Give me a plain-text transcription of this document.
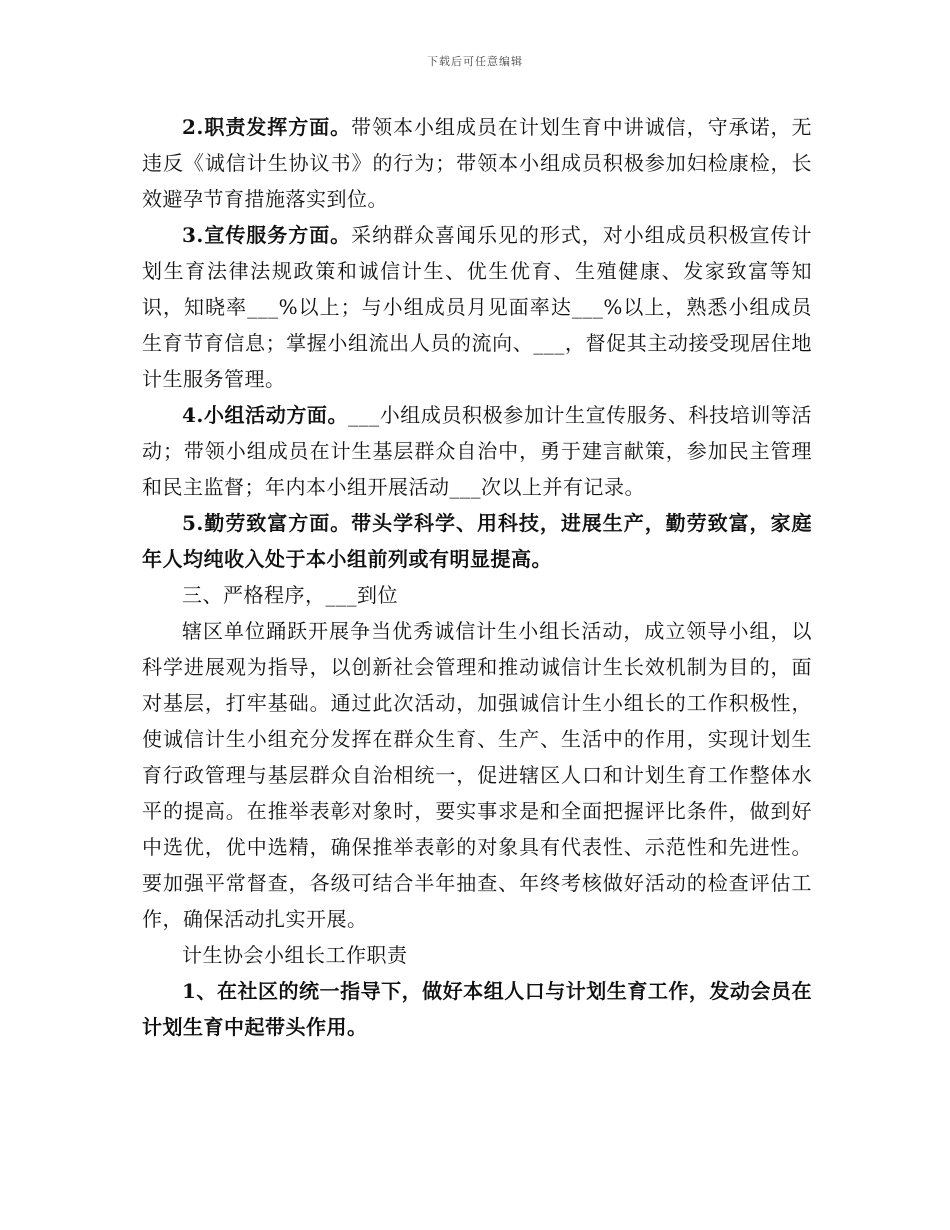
下载后可任意编辑

2.职责发挥方面。带领本小组成员在计划生育中讲诚信，守承诺，无违反《诚信计生协议书》的行为；带领本小组成员积极参加妇检康检，长效避孕节育措施落实到位。

3.宣传服务方面。采纳群众喜闻乐见的形式，对小组成员积极宣传计划生育法律法规政策和诚信计生、优生优育、生殖健康、发家致富等知识，知晓率___%以上；与小组成员月见面率达___%以上，熟悉小组成员生育节育信息；掌握小组流出人员的流向、___，督促其主动接受现居住地计生服务管理。

4.小组活动方面。___小组成员积极参加计生宣传服务、科技培训等活动；带领小组成员在计生基层群众自治中，勇于建言献策，参加民主管理和民主监督；年内本小组开展活动___次以上并有记录。

5.勤劳致富方面。带头学科学、用科技，进展生产，勤劳致富，家庭年人均纯收入处于本小组前列或有明显提高。

三、严格程序，___到位

辖区单位踊跃开展争当优秀诚信计生小组长活动，成立领导小组，以科学进展观为指导，以创新社会管理和推动诚信计生长效机制为目的，面对基层，打牢基础。通过此次活动，加强诚信计生小组长的工作积极性，使诚信计生小组充分发挥在群众生育、生产、生活中的作用，实现计划生育行政管理与基层群众自治相统一，促进辖区人口和计划生育工作整体水平的提高。在推举表彰对象时，要实事求是和全面把握评比条件，做到好中选优，优中选精，确保推举表彰的对象具有代表性、示范性和先进性。要加强平常督查，各级可结合半年抽查、年终考核做好活动的检查评估工作，确保活动扎实开展。

计生协会小组长工作职责

1、在社区的统一指导下，做好本组人口与计划生育工作，发动会员在计划生育中起带头作用。
